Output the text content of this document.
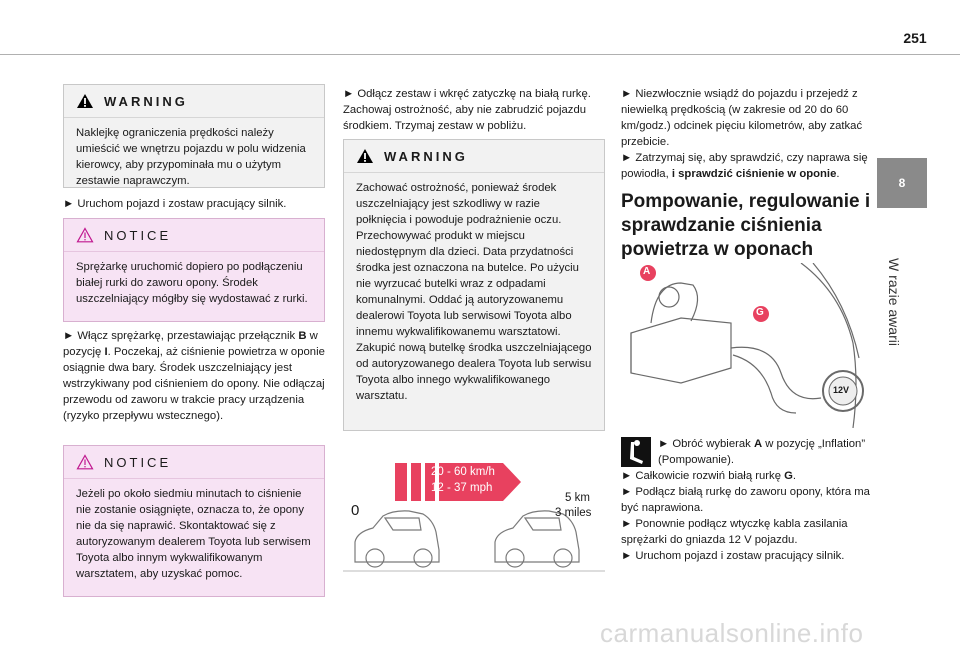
251
8
W razie awarii
WARNING
Naklejkę ograniczenia prędkości należy umieścić we wnętrzu pojazdu w polu widzenia kierowcy, aby przypominała mu o użytym zestawie naprawczym.
► Uruchom pojazd i zostaw pracujący silnik.
NOTICE
Sprężarkę uruchomić dopiero po podłączeniu białej rurki do zaworu opony. Środek uszczelniający mógłby się wydostawać z rurki.
► Włącz sprężarkę, przestawiając przełącznik B w pozycję I. Poczekaj, aż ciśnienie powietrza w oponie osiągnie dwa bary. Środek uszczelniający jest wstrzykiwany pod ciśnieniem do opony. Nie odłączaj przewodu od zaworu w trakcie pracy urządzenia (ryzyko przepływu wstecznego).
NOTICE
Jeżeli po około siedmiu minutach to ciśnienie nie zostanie osiągnięte, oznacza to, że opony nie da się naprawić. Skontaktować się z autoryzowanym dealerem Toyota lub serwisem Toyota albo innym wykwalifikowanym warsztatem, aby uzyskać pomoc.
► Odłącz zestaw i wkręć zatyczkę na białą rurkę. Zachowaj ostrożność, aby nie zabrudzić pojazdu środkiem. Trzymaj zestaw w pobliżu.
WARNING
Zachować ostrożność, ponieważ środek uszczelniający jest szkodliwy w razie połknięcia i powoduje podrażnienie oczu. Przechowywać produkt w miejscu niedostępnym dla dzieci. Data przydatności środka jest oznaczona na butelce. Po użyciu nie wyrzucać butelki wraz z odpadami komunalnymi. Oddać ją autoryzowanemu dealerowi Toyota lub serwisowi Toyota albo innemu wykwalifikowanemu warsztatowi. Zakupić nową butelkę środka uszczelniającego od autoryzowanego dealera Toyota lub serwisu Toyota albo innego wykwalifikowanego warsztatu.
20 - 60 km/h
12 - 37 mph
5 km
3 miles
0
► Niezwłocznie wsiądź do pojazdu i przejedź z niewielką prędkością (w zakresie od 20 do 60 km/godz.) odcinek pięciu kilometrów, aby zatkać przebicie.
► Zatrzymaj się, aby sprawdzić, czy naprawa się powiodła, i sprawdzić ciśnienie w oponie.
Pompowanie, regulowanie i sprawdzanie ciśnienia powietrza w oponach
A
G
12V
► Obróć wybierak A w pozycję „Inflation” (Pompowanie).
► Całkowicie rozwiń białą rurkę G.
► Podłącz białą rurkę do zaworu opony, która ma być naprawiona.
► Ponownie podłącz wtyczkę kabla zasilania sprężarki do gniazda 12 V pojazdu.
► Uruchom pojazd i zostaw pracujący silnik.
carmanualsonline.info
